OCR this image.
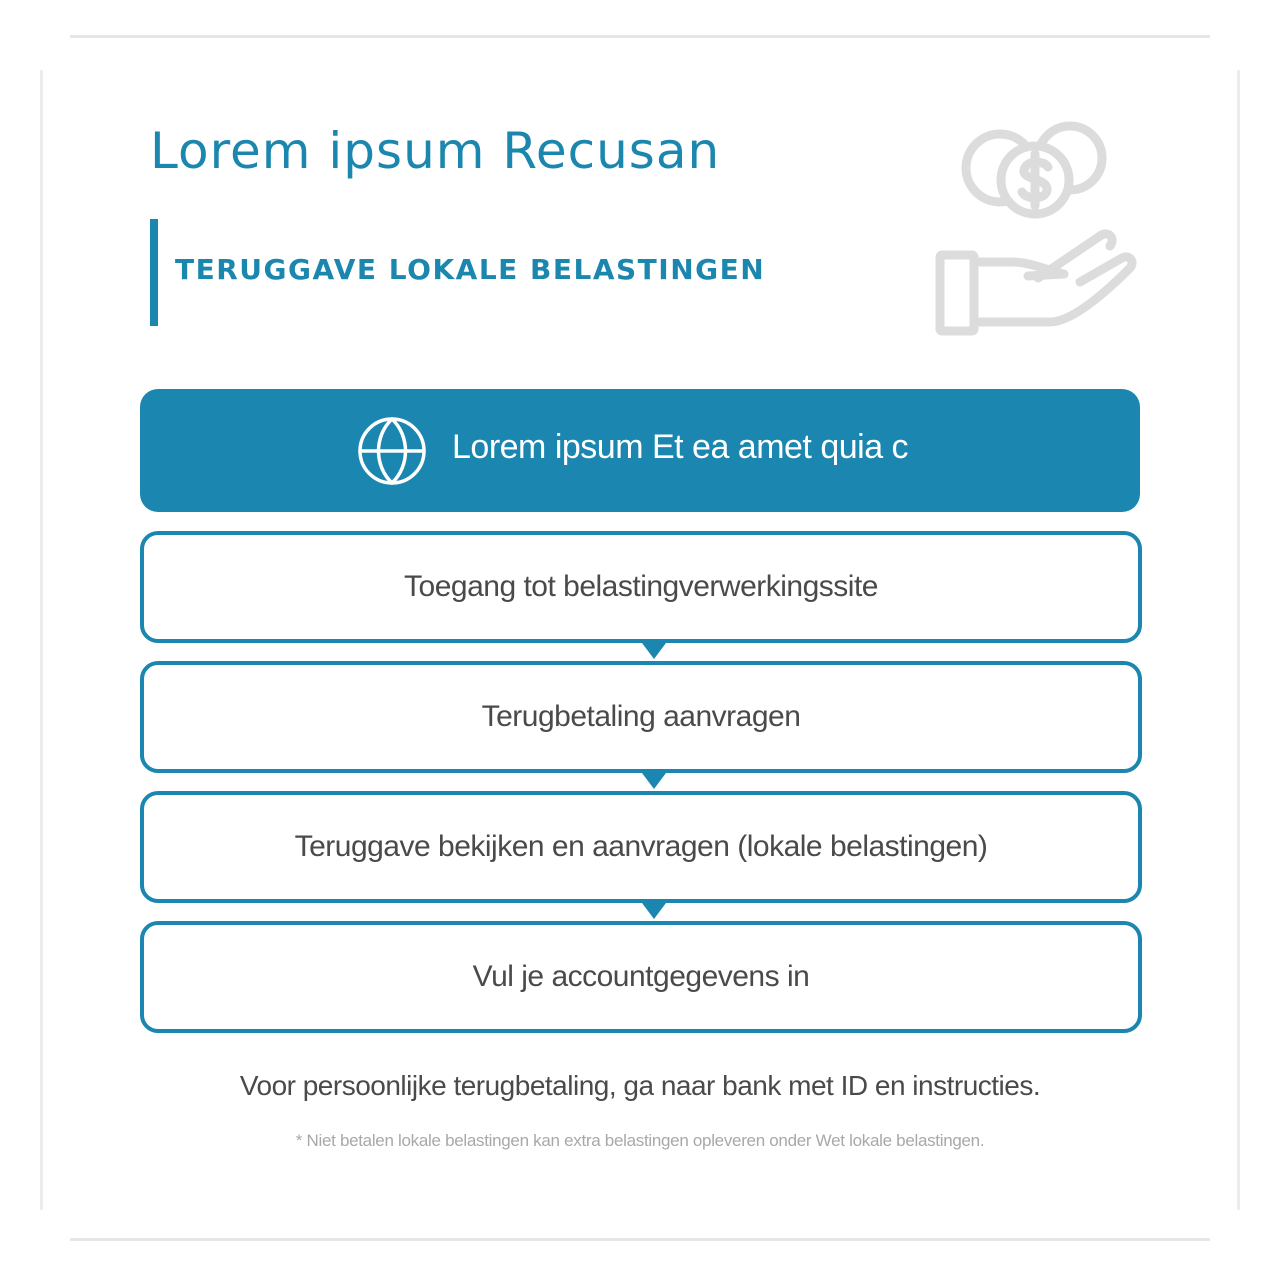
Lorem ipsum Recusan
TERUGGAVE LOKALE BELASTINGEN
Lorem ipsum Et ea amet quia c
Toegang tot belastingverwerkingssite
Terugbetaling aanvragen
Teruggave bekijken en aanvragen (lokale belastingen)
Vul je accountgegevens in
Voor persoonlijke terugbetaling, ga naar bank met ID en instructies.
* Niet betalen lokale belastingen kan extra belastingen opleveren onder Wet lokale belastingen.
